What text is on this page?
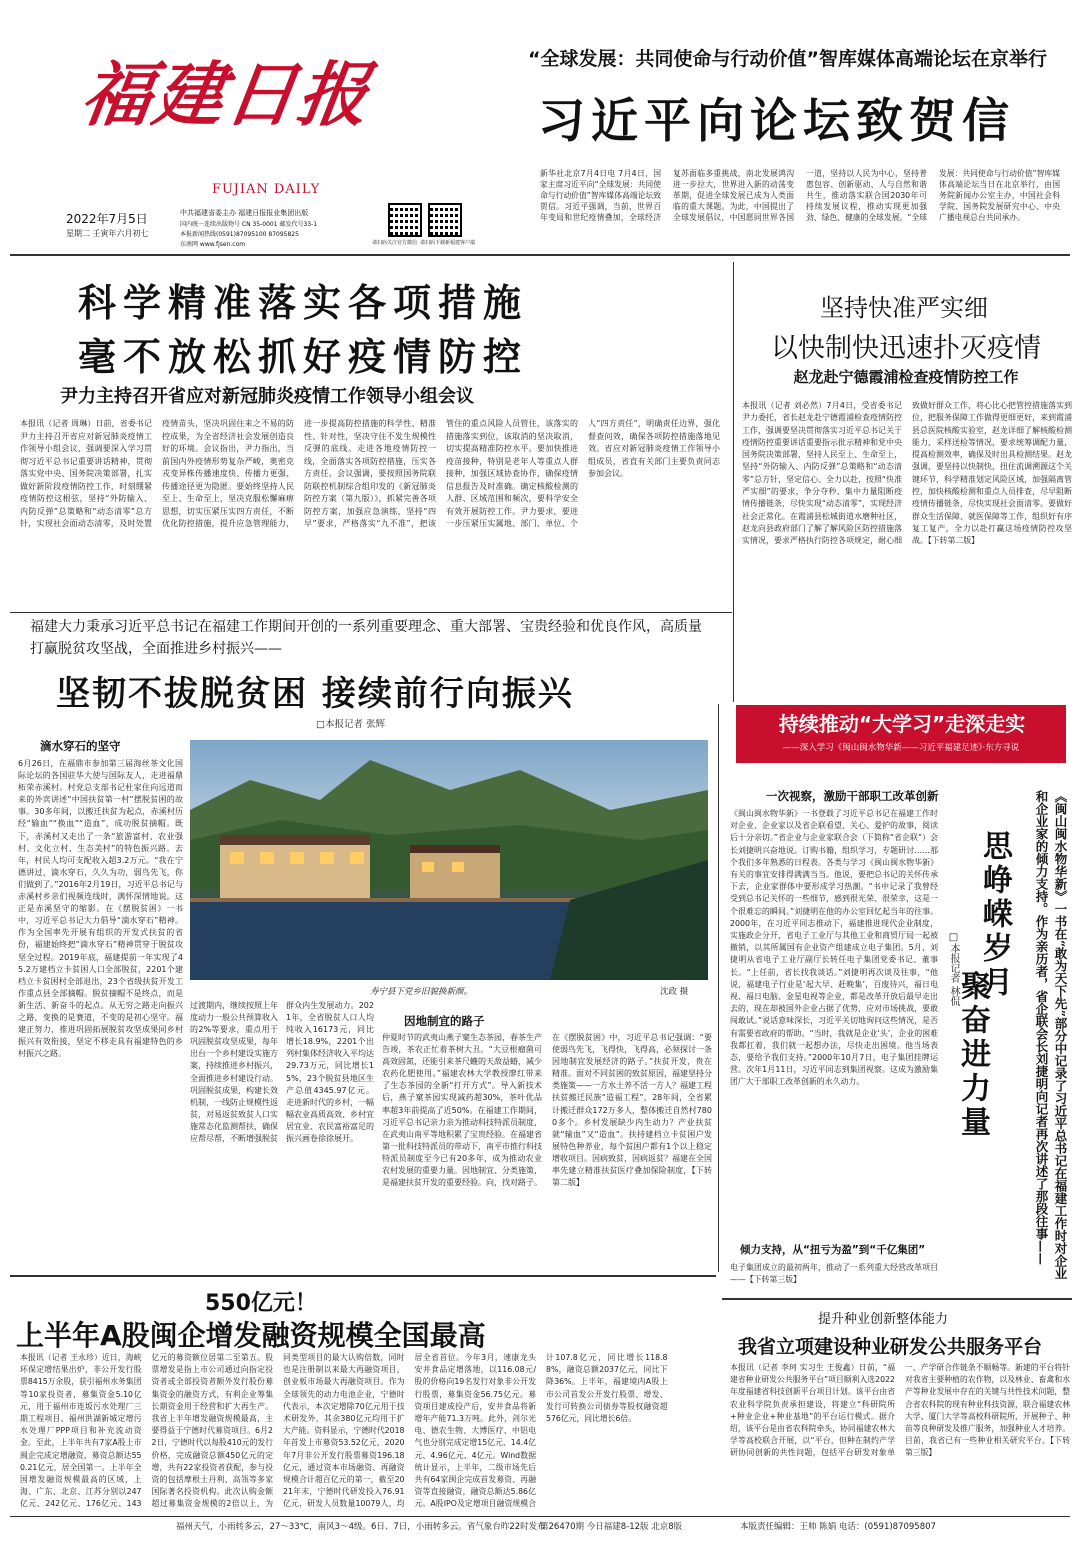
福建日报
FUJIAN DAILY
2022年7月5日
星期二 壬寅年六月初七
中共福建省委主办 福建日报报业集团出版
国内统一连续出版物号 CN 35-0001 邮发代号33-1
本报新闻热线(0591)87095100 87095825
东南网 www.fjsen.com	请扫码关注官方微信 请扫码下载新福建客户端
“全球发展：共同使命与行动价值”智库媒体高端论坛在京举行
习近平向论坛致贺信
新华社北京7月4日电 7月4日，国家主席习近平向“全球发展：共同使命与行动价值”智库媒体高端论坛致贺信。习近平强调，当前，世界百年变局和世纪疫情叠加，全球经济复苏面临多重挑战，南北发展鸿沟进一步拉大，世界进入新的动荡变革期，促进全球发展已成为人类面临的重大课题。为此，中国提出了全球发展倡议，中国愿同世界各国一道，坚持以人民为中心，坚持普惠包容、创新驱动、人与自然和谐共生，推动落实联合国2030年可持续发展议程，推动实现更加强劲、绿色、健康的全球发展。“全球发展：共同使命与行动价值”智库媒体高端论坛当日在北京举行，由国务院新闻办公室主办，中国社会科学院、国务院发展研究中心、中央广播电视总台共同承办。
科学精准落实各项措施
毫不放松抓好疫情防控
尹力主持召开省应对新冠肺炎疫情工作领导小组会议
本报讯（记者 周琳）日前，省委书记尹力主持召开省应对新冠肺炎疫情工作领导小组会议，强调要深入学习贯彻习近平总书记重要讲话精神，贯彻落实党中央、国务院决策部署，扎实做好新阶段疫情防控工作，时刻绷紧疫情防控这根弦，坚持“外防输入、内防反弹”总策略和“动态清零”总方针，实现社会面动态清零，及时处置疫情苗头，坚决巩固住来之不易的防控成果，为全省经济社会发展创造良好的环境。会议指出，尹力指出，当前国内外疫情形势复杂严峻，奥密克戎变异株传播速度快、传播力更强、传播途径更为隐匿。要始终坚持人民至上、生命至上，坚决克服松懈麻痹思想，切实压紧压实四方责任，不断优化防控措施，提升应急管理能力，进一步提高防控措施的科学性、精准性、针对性，坚决守住不发生规模性反弹的底线。走进各地疫情防控一线，全面落实各项防控措施，压实各方责任。会议强调，要按照国务院联防联控机制综合组印发的《新冠肺炎防控方案（第九版）》，抓紧完善各项防控方案，加强应急演练，坚持“四早”要求，严格落实“九不准”，把该管住的重点风险人员管住，该落实的措施落实到位，该取消的坚决取消，切实提高精准防控水平。要加快推进疫苗接种，特别是老年人等重点人群接种，加强区域协查协作，确保疫情信息报告及时准确。确定核酸检测的人群、区域范围和频次，要科学安全有效开展防控工作。尹力要求，要进一步压紧压实属地、部门、单位、个人“四方责任”，明确责任边界，强化督查问效，确保各项防控措施落地见效。省应对新冠肺炎疫情工作领导小组成员，省直有关部门主要负责同志参加会议。
坚持快准严实细
以快制快迅速扑灭疫情
赵龙赴宁德霞浦检查疫情防控工作
本报讯（记者 刘必然）7月4日，受省委书记尹力委托，省长赵龙赴宁德霞浦检查疫情防控工作，强调要坚决贯彻落实习近平总书记关于疫情防控重要讲话重要指示批示精神和党中央国务院决策部署，坚持人民至上、生命至上，坚持“外防输入、内防反弹”总策略和“动态清零”总方针，坚定信心、全力以赴，按照“快准严实细”的要求，争分夺秒、集中力量阻断疫情传播链条，尽快实现“动态清零”，实现经济社会正常化。在霞浦县松城街道水磨种社区，赵龙向县政府部门了解了解风险区防控措施落实情况，要求严格执行防控各项规定，耐心细致做好群众工作，将心比心把管控措施落实到位，把服务保障工作做得更细更好，来到霞浦县总医院核酸实验室，赵龙详细了解核酸检测能力、采样送检等情况，要求统筹调配力量，提高检测效率，确保及时出具检测结果。赵龙强调，要坚持以快制快，扭住流调溯源这个关键环节，科学精准划定风险区域，加强隔离管控，加快核酸检测和重点人员排查，尽早阻断疫情传播链条，尽快实现社会面清零。要做好群众生活保障、就医保障等工作，组织好有序复工复产，全力以赴打赢这场疫情防控攻坚战。【下转第二版】
福建大力秉承习近平总书记在福建工作期间开创的一系列重要理念、重大部署、宝贵经验和优良作风，高质量打赢脱贫攻坚战，全面推进乡村振兴——
坚韧不拔脱贫困 接续前行向振兴
□本报记者 张辉
滴水穿石的坚守
6月26日，在福鼎市参加第三届海丝茶文化国际论坛的各国驻华大使与国际友人，走进福鼎柘荣赤溪村。村党总支部书记杜家住向远道而来的外宾讲述“中国扶贫第一村”摆脱贫困的故事。30多年间，以搬迁扶贫为起点，赤溪村历经“输血”“换血”“造血”，成功脱贫摘帽。既下，赤溪村又走出了一条“旅游富村、农业强村、文化立村、生态美村”的特色振兴路。去年，村民人均可支配收入超3.2万元。“我在宁德讲过，滴水穿石，久久为功，弱鸟先飞，你们做到了。”2016年2月19日，习近平总书记与赤溪村乡亲们视频连线时，满怀深情地说。这正是赤溪坚守的缩影。在《摆脱贫困》一书中，习近平总书记大力倡导“滴水穿石”精神。作为全国率先开展有组织的开发式扶贫的省份，福建始终把“滴水穿石”精神贯穿于脱贫攻坚全过程。2019年底，福建提前一年实现了45.2万建档立卡贫困人口全部脱贫，2201个建档立卡贫困村全部退出，23个省级扶贫开发工作重点县全部摘帽。脱贫摘帽不是终点，而是新生活、新奋斗的起点。从无穷之路走向振兴之路，变换的是赛道，不变的是初心坚守。福建正努力，推进巩固拓展脱贫攻坚成果同乡村振兴有效衔接，坚定不移走具有福建特色的乡村振兴之路。
寿宁县下党乡旧貌换新颜。	沈政 摄
过渡期内，继续按照上年度动力一般公共预算收入的2%等要求，重点用于巩固脱贫攻坚成果，每年出台一个乡村建设实施方案，持续推进乡村振兴，全面推进乡村建设行动。巩固脱贫成果，构建长效机制，一线防止规模性返贫，对易返贫致贫人口实施常态化监测帮扶，确保应帮尽帮，不断增强脱贫群众内生发展动力。2021年，全省脱贫人口人均纯收入16173元，同比增长18.9%，2201个出列村集体经济收入平均达29.73万元，同比增长15%，23个脱贫县地区生产总值4345.97亿元。走进新时代的乡村，一幅幅农业高质高效、乡村宜居宜业、农民富裕富足的振兴画卷徐徐展开。
因地制宜的路子
仲夏时节的武夷山燕子窠生态茶园，春茶生产告竣，茶农正忙着茶树大丑。“大豆根瘤菌可高效固氮，还能引来茶尺蠖的天敌益蝽，减少农药化肥使用。”福建农林大学教授廖红带来了生态茶园的全新“打开方式”。导入新技术后，燕子窠茶园实现减药超30%，茶叶优品率超3年前提高了近50%。在福建工作期间，习近平总书记亲力亲为推动科技特派员制度，在武夷山南平等地积累了宝贵经验。在福建省第一批科技特派员的带动下，南平市推行科技特派员制度至今已有20多年，成为推动农业农村发展的重要力量。因地制宜、分类施策，是福建扶贫开发的重要经验。向，找对路子。在《摆脱贫困》中，习近平总书记强调：“要使弱鸟先飞，飞得快，飞得高，必须探讨一条因地制宜发展经济的路子。”扶贫开发，贵在精准。面对不同贫困的致贫原因，福建坚持分类施策——一方水土养不活一方人？福建工程扶贫搬迁民族“造福工程”，28年间，全省累计搬迁群众172万多人，整体搬迁自然村7800多个。乡村发展缺少内生动力？产业扶贫就“输血”又“造血”。扶持建档立卡贫困户发展特色种养业，每个贫困户都有1个以上稳定增收项目。因病致贫，因病返贫？福建在全国率先建立精准扶贫医疗叠加保险制度，【下转第二版】
持续推动“大学习”走深走实
——深入学习《闽山闽水物华新——习近平福建足迹》·东方寻说
一次视察，激励干部职工改革创新
《闽山闽水物华新》一书登载了习近平总书记在福建工作时对企业、企业家以及省企联看望、关心、爱护的故事，阅读后十分亲切。”省企业与企业家联合会（下简称“省企联”）会长刘捷明兴奋地说。订购书籍，组织学习，专题研讨……那个我们多年熟悉的日程表。各类与学习《闽山闽水物华新》有关的事宜安排得满满当当。他说，要把总书记的关怀传承下去，企业家群体中要形成学习热潮。“书中记录了我曾经受到总书记关怀的一些细节，感到很光荣、很荣幸，这是一个很难忘的瞬间。”刘捷明在他的办公室回忆起当年的往事。2000年，在习近平同志推动下，福建推进现代企业制度，实施政企分开，省电子工业厅与其他工业和商贸厅局一起被撤销，以其所属国有企业资产组建成立电子集团。5月，刘捷明从省电子工业厅副厅长转任电子集团党委书记、董事长。“上任前，省长找我谈话。”刘捷明再次谈及往事，“他说，福建电子行业是‘起大早、赶晚集’，百废待兴，福日电视、福日电脑、金星电视等企业，都是改革开放后最早走出去的，现在却被国外企业占据了优势，应对市场挑战，要敢闯敢试。”说话意味深长，习近平关切地询问这些情况，是否有需要省政府的帮助。“当时，我就是企业‘头’，企业的困难我都扛着，我们就一起想办法，尽快走出困境。他当场表态，要给予我们支持。”2000年10月7日，电子集团挂牌运营。次年1月11日，习近平同志到集团视察。这成为激励集团广大干部职工改革创新的永久动力。
倾力支持，从“扭亏为盈”到“千亿集团”
电子集团成立的最初两年，推动了一系列重大经营改革项目——【下转第三版】
《闽山闽水物华新》一书在“敢为天下先”部分中记录了习近平总书记在福建工作时对企业和企业家的倾力支持。作为亲历者，省企联会长刘捷明向记者再次讲述了那段往事——
思峥嵘岁月
聚奋进力量
□本报记者 林侃
550亿元！
上半年A股闽企增发融资规模全国最高
本报讯（记者 王永珍）近日，海峡环保定增结果出炉，非公开发行股票8415万余股，获引福州水务集团等10家投资者，募集资金5.10亿元，用于福州市连坂污水处理厂三期工程项目、福州洪湖新城定增污水处理厂PPP项目和补充流动资金。至此，上半年共有7家A股上市闽企完成定增融资，募资总额达550.21亿元，居全国第一。上半年全国增发融资规模最高的区域，上海、广东、北京、江苏分别以247亿元、242亿元、176亿元、143亿元的募资额位居第二至第五。股票增发是指上市公司通过向指定投资者或全部投资者额外发行股份募集资金的融资方式，有利企业筹集长期资金用于经营和扩大再生产。我省上半年增发融资规模最高，主要得益于宁德时代募资项目。6月22日，宁德时代以每股410元的发行价格，完成融资总额450亿元的定增，共有22家投资者获配，参与投资的包括摩根士丹利、高瓴等多家国际著名投资机构。此次认购金额超过募集资金规模的2倍以上，为同类型项目的最大认购倍数，同时也是注册制以来最大再融资项目，创业板市场最大再融资项目。作为全球领先的动力电池企业，宁德时代表示，本次定增除70亿元用于技术研发外，其余380亿元均用于扩大产能。资料显示，宁德时代2018年首发上市募资53.52亿元，2020年7月非公开发行股票募资196.18亿元，通过资本市场融资、再融资规模合计超百亿元的第一，截至2021年末，宁德时代研发投入76.91亿元，研发人员数量10079人，均居全省首位。今年3月，速康龙头安井食品定增落地，以116.08元/股的价格向19名发行对象非公开发行股票，募集资金56.75亿元。募资项目建成投产后，安井食品将新增年产能71.3万吨。此外，剑尔光电、德农生物、大博医疗、中铝电气也分别完成定增15亿元、14.4亿元、4.96亿元、4亿元。Wind数据统计显示，上半年，二级市场先后共有64家闽企完成首发募资、再融资等直接融资，融资总额达5.86亿元。A股IPO及定增项目融资规模合计107.8亿元，同比增长118.88%，融资总额2037亿元，同比下降36%。上半年，福建境内A股上市公司首发公开发行股票、增发、发行可转换公司债券等股权融资超576亿元，同比增长6倍。
提升种业创新整体能力
我省立项建设种业研发公共服务平台
本报讯（记者 李珂 实习生 王俊鑫）日前，“福建省种业研发公共服务平台”项目顺利入选2022年度福建省科技创新平台项目计划。该平台由省农业科学院负责承担建设，将建立“科研院所+种业企业+种业基地”的平台运行模式。据介绍，该平台是由省农科院牵头，协同福建农林大学等高校联合开展，以“平台，但种在制约产学研协同创新的共性问题，包括平台研发对象单一、产学研合作链条不顺畅等。新建的平台将针对我省主要种植的农作物，以及林业、畜禽和水产等种业发展中存在的关键与共性技术问题，整合省农科院的现有种业科技资源，联合福建农林大学、厦门大学等高校科研院所，开展种子、种苗等良种研发及推广服务，加强种业人才培养。目前，我省已有一些种业相关研究平台。【下转第三版】
福州天气，小雨转多云，27～33℃，南风3～4级。6日、7日，小雨转多云。省气象台昨22时发布
第26470期 今日福建8-12版 北京8版	本版责任编辑：王帅 陈娟 电话：(0591)87095807
